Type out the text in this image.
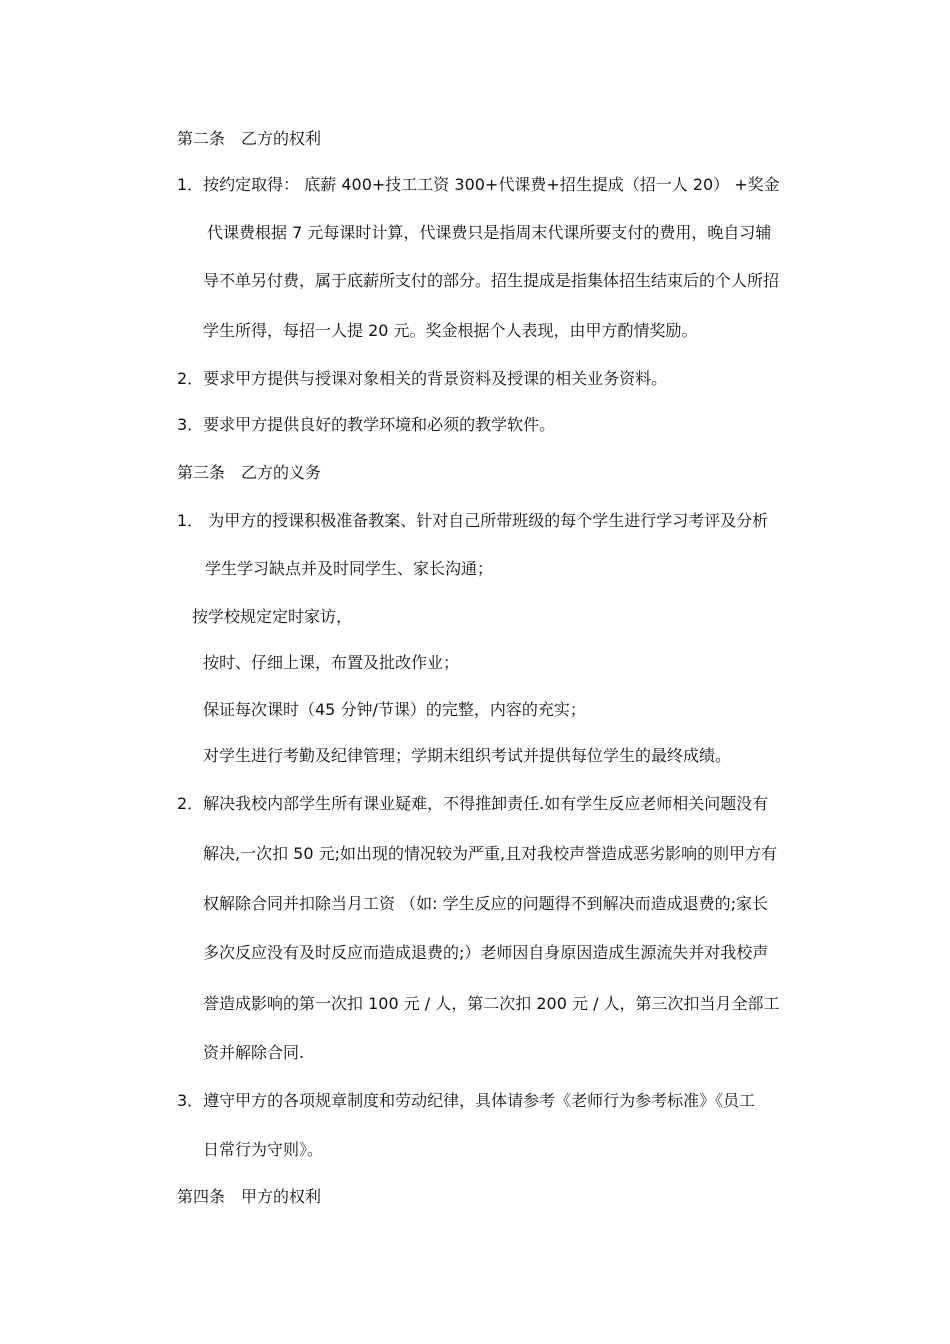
第二条　乙方的权利
1．按约定取得： 底薪 400+技工工资 300+代课费+招生提成（招一人 20） +奖金
代课费根据 7 元每课时计算，代课费只是指周末代课所要支付的费用，晚自习辅
导不单另付费，属于底薪所支付的部分。招生提成是指集体招生结束后的个人所招
学生所得，每招一人提 20 元。奖金根据个人表现，由甲方酌情奖励。
2．要求甲方提供与授课对象相关的背景资料及授课的相关业务资料。
3．要求甲方提供良好的教学环境和必须的教学软件。
第三条　乙方的义务
1． 为甲方的授课积极准备教案、针对自己所带班级的每个学生进行学习考评及分析
学生学习缺点并及时同学生、家长沟通；
按学校规定定时家访，
按时、仔细上课，布置及批改作业；
保证每次课时（45 分钟/节课）的完整，内容的充实；
对学生进行考勤及纪律管理；学期末组织考试并提供每位学生的最终成绩。
2．解决我校内部学生所有课业疑难，不得推卸责任.如有学生反应老师相关问题没有
解决,一次扣 50 元;如出现的情况较为严重,且对我校声誉造成恶劣影响的则甲方有
权解除合同并扣除当月工资 （如: 学生反应的问题得不到解决而造成退费的;家长
多次反应没有及时反应而造成退费的;）老师因自身原因造成生源流失并对我校声
誉造成影响的第一次扣 100 元 / 人，第二次扣 200 元 / 人，第三次扣当月全部工
资并解除合同.
3．遵守甲方的各项规章制度和劳动纪律，具体请参考《老师行为参考标准》《员工
日常行为守则》。
第四条　甲方的权利
